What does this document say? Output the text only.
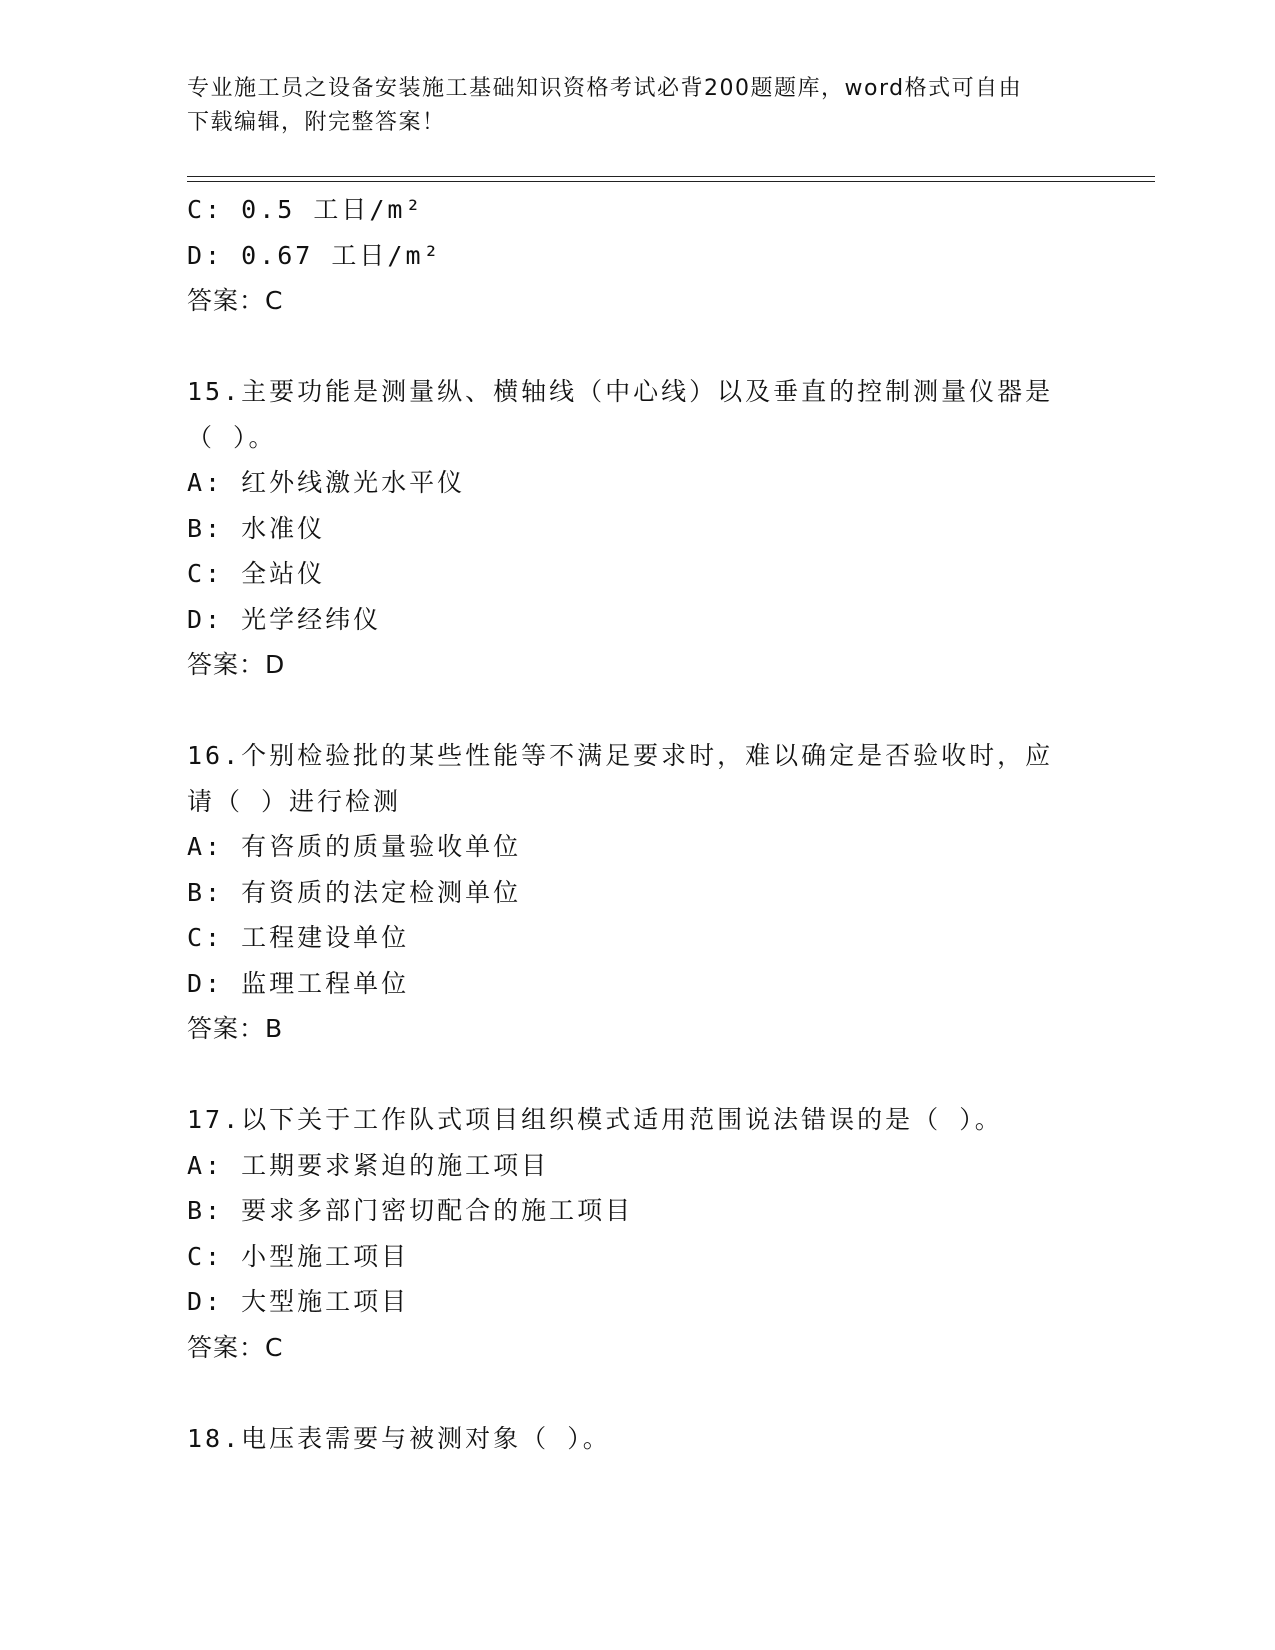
专业施工员之设备安装施工基础知识资格考试必背200题题库，word格式可自由
下载编辑，附完整答案！
C: 0.5 工日/m²
D: 0.67 工日/m²
答案：C
15.主要功能是测量纵、横轴线（中心线）以及垂直的控制测量仪器是
（ ）。
A: 红外线激光水平仪
B: 水准仪
C: 全站仪
D: 光学经纬仪
答案：D
16.个别检验批的某些性能等不满足要求时，难以确定是否验收时，应
请（ ）进行检测
A: 有咨质的质量验收单位
B: 有资质的法定检测单位
C: 工程建设单位
D: 监理工程单位
答案：B
17.以下关于工作队式项目组织模式适用范围说法错误的是（ ）。
A: 工期要求紧迫的施工项目
B: 要求多部门密切配合的施工项目
C: 小型施工项目
D: 大型施工项目
答案：C
18.电压表需要与被测对象（ ）。
